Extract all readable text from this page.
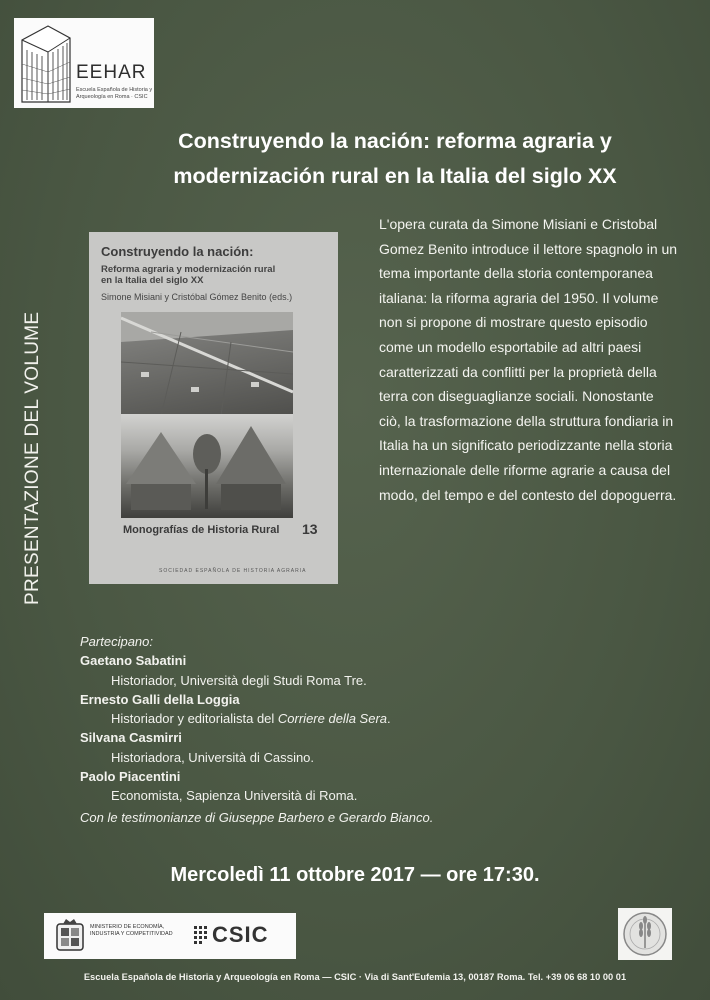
EEHAR
Escuela Española de Historia y Arqueología en Roma · CSIC
PRESENTAZIONE DEL VOLUME
Construyendo la nación: reforma agraria y
modernización rural en la Italia del siglo XX
Construyendo la nación:
Reforma agraria y modernización rural
en la Italia del siglo XX
Simone Misiani y Cristóbal Gómez Benito (eds.)
Monografías de Historia Rural 13
SOCIEDAD ESPAÑOLA DE HISTORIA AGRARIA
L'opera curata da Simone Misiani e Cristobal Gomez Benito introduce il lettore spagnolo in un tema importante della storia contemporanea italiana: la riforma agraria del 1950. Il volume non si propone di mostrare questo episodio come un modello esportabile ad altri paesi caratterizzati da conflitti per la proprietà della terra con diseguaglianze sociali. Nonostante ciò, la trasformazione della struttura fondiaria in Italia ha un significato periodizzante nella storia internazionale delle riforme agrarie a causa del modo, del tempo e del contesto del dopoguerra.
Partecipano:
Gaetano Sabatini
Historiador, Università degli Studi Roma Tre.
Ernesto Galli della Loggia
Historiador y editorialista del Corriere della Sera.
Silvana Casmirri
Historiadora, Università di Cassino.
Paolo Piacentini
Economista, Sapienza Università di Roma.
Con le testimonianze di Giuseppe Barbero e Gerardo Bianco.
Mercoledì 11 ottobre 2017 — ore 17:30.
MINISTERIO DE ECONOMÍA, INDUSTRIA Y COMPETITIVIDAD	CSIC
Escuela Española de Historia y Arqueología en Roma — CSIC · Via di Sant'Eufemia 13, 00187 Roma. Tel. +39 06 68 10 00 01
